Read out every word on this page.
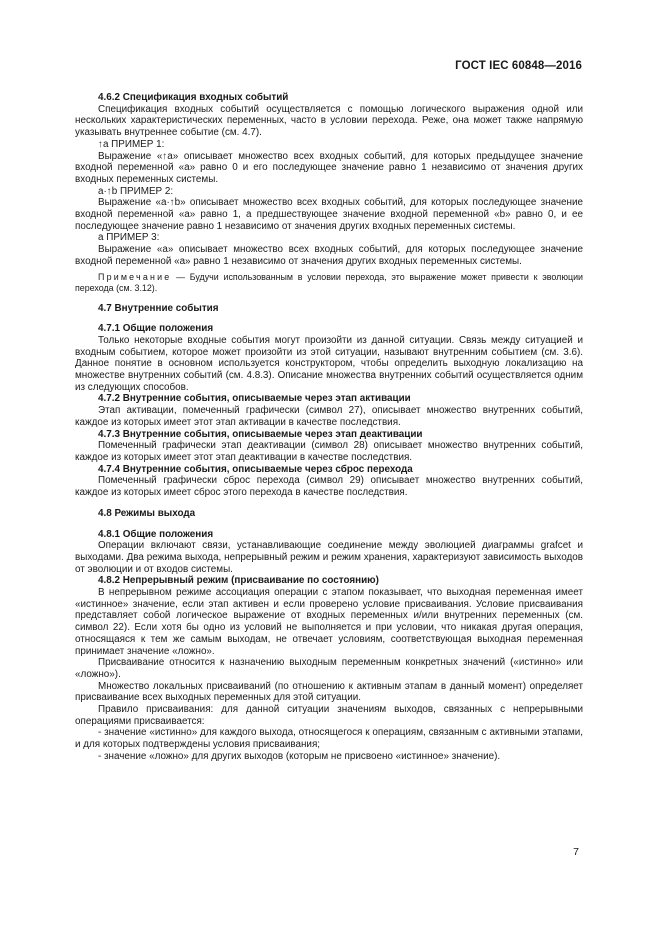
ГОСТ IEC 60848—2016

4.6.2 Спецификация входных событий

Спецификация входных событий осуществляется с помощью логического выражения одной или нескольких характеристических переменных, часто в условии перехода. Реже, она может также напрямую указывать внутреннее событие (см. 4.7).

↑a ПРИМЕР 1:

Выражение «↑a» описывает множество всех входных событий, для которых предыдущее значение входной переменной «a» равно 0 и его последующее значение равно 1 независимо от значения других входных переменных системы.

a·↑b ПРИМЕР 2:

Выражение «a·↑b» описывает множество всех входных событий, для которых последующее значение входной переменной «a» равно 1, а предшествующее значение входной переменной «b» равно 0, и ее последующее значение равно 1 независимо от значения других входных переменных системы.

a ПРИМЕР 3:

Выражение «a» описывает множество всех входных событий, для которых последующее значение входной переменной «a» равно 1 независимо от значения других входных переменных системы.

Примечание — Будучи использованным в условии перехода, это выражение может привести к эволюции перехода (см. 3.12).

4.7 Внутренние события

4.7.1 Общие положения

Только некоторые входные события могут произойти из данной ситуации. Связь между ситуацией и входным событием, которое может произойти из этой ситуации, называют внутренним событием (см. 3.6). Данное понятие в основном используется конструктором, чтобы определить выходную локализацию на множестве внутренних событий (см. 4.8.3). Описание множества внутренних событий осуществляется одним из следующих способов.

4.7.2 Внутренние события, описываемые через этап активации

Этап активации, помеченный графически (символ 27), описывает множество внутренних событий, каждое из которых имеет этот этап активации в качестве последствия.

4.7.3 Внутренние события, описываемые через этап деактивации

Помеченный графически этап деактивации (символ 28) описывает множество внутренних событий, каждое из которых имеет этот этап деактивации в качестве последствия.

4.7.4 Внутренние события, описываемые через сброс перехода

Помеченный графически сброс перехода (символ 29) описывает множество внутренних событий, каждое из которых имеет сброс этого перехода в качестве последствия.

4.8 Режимы выхода

4.8.1 Общие положения

Операции включают связи, устанавливающие соединение между эволюцией диаграммы grafcet и выходами. Два режима выхода, непрерывный режим и режим хранения, характеризуют зависимость выходов от эволюции и от входов системы.

4.8.2 Непрерывный режим (присваивание по состоянию)

В непрерывном режиме ассоциация операции с этапом показывает, что выходная переменная имеет «истинное» значение, если этап активен и если проверено условие присваивания. Условие присваивания представляет собой логическое выражение от входных переменных и/или внутренних переменных (см. символ 22). Если хотя бы одно из условий не выполняется и при условии, что никакая другая операция, относящаяся к тем же самым выходам, не отвечает условиям, соответствующая выходная переменная принимает значение «ложно».

Присваивание относится к назначению выходным переменным конкретных значений («истинно» или «ложно»).

Множество локальных присваиваний (по отношению к активным этапам в данный момент) определяет присваивание всех выходных переменных для этой ситуации.

Правило присваивания: для данной ситуации значениям выходов, связанных с непрерывными операциями присваивается:

- значение «истинно» для каждого выхода, относящегося к операциям, связанным с активными этапами, и для которых подтверждены условия присваивания;

- значение «ложно» для других выходов (которым не присвоено «истинное» значение).

7
